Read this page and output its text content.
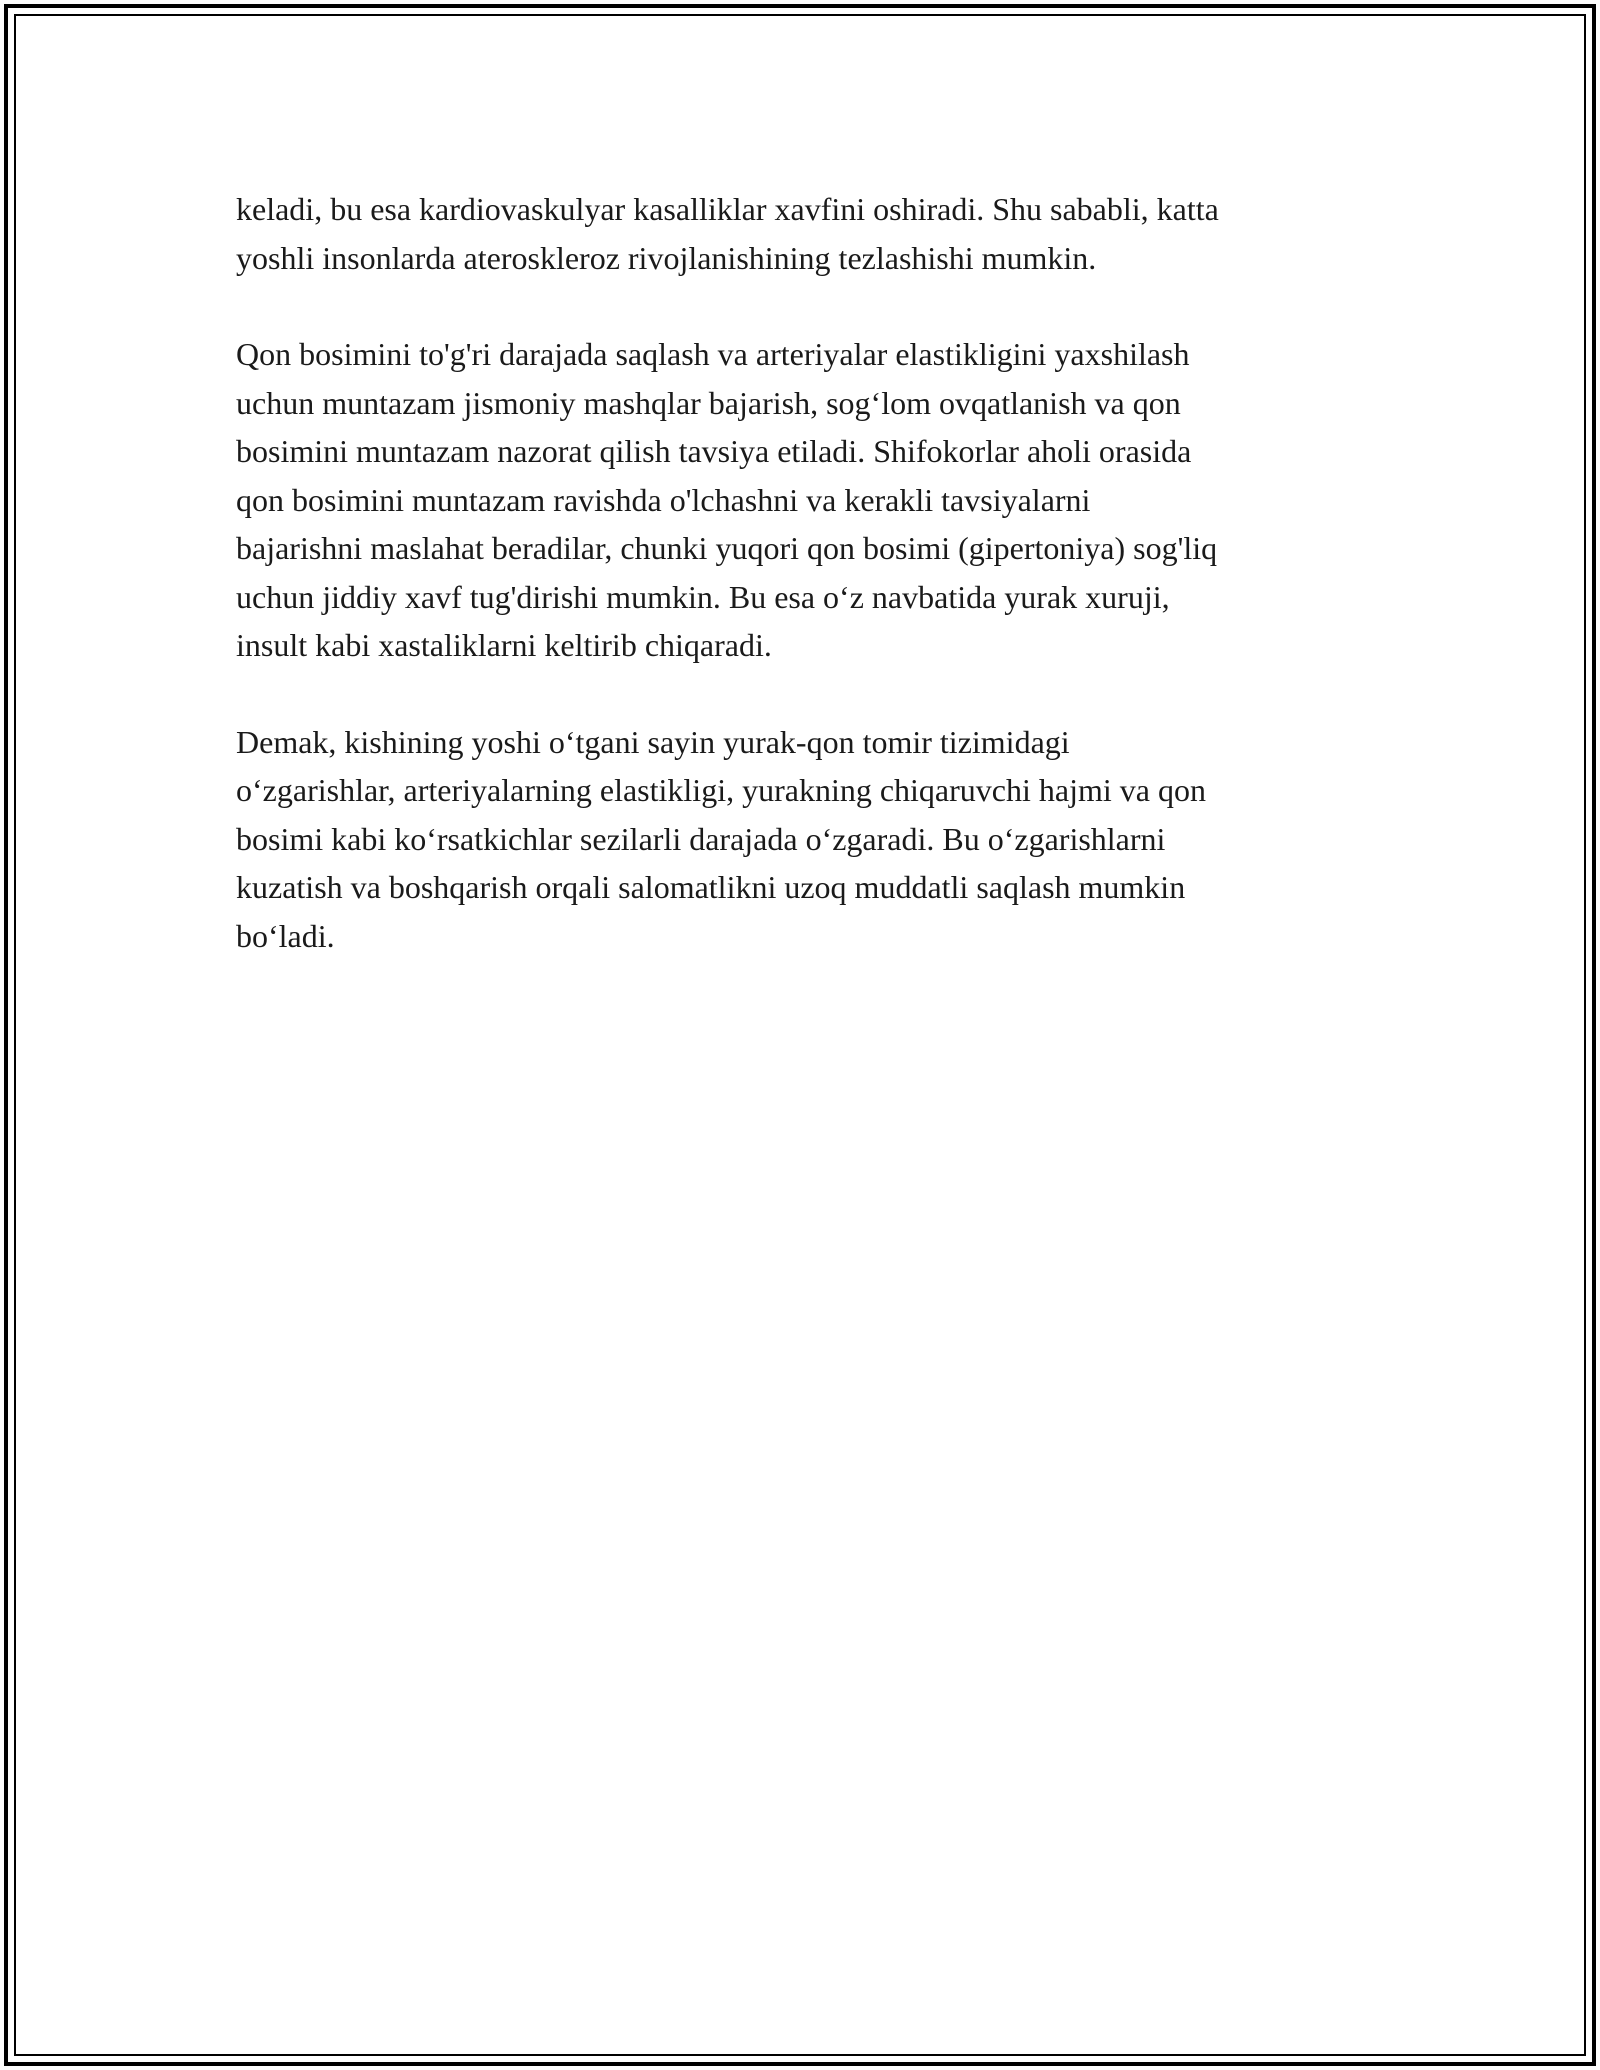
keladi, bu esa kardiovaskulyar kasalliklar xavfini oshiradi. Shu sababli, katta
yoshli insonlarda ateroskleroz rivojlanishining tezlashishi mumkin.

Qon bosimini to'g'ri darajada saqlash va arteriyalar elastikligini yaxshilash
uchun muntazam jismoniy mashqlar bajarish, sog‘lom ovqatlanish va qon
bosimini muntazam nazorat qilish tavsiya etiladi. Shifokorlar aholi orasida
qon bosimini muntazam ravishda o'lchashni va kerakli tavsiyalarni
bajarishni maslahat beradilar, chunki yuqori qon bosimi (gipertoniya) sog'liq
uchun jiddiy xavf tug'dirishi mumkin. Bu esa o‘z navbatida yurak xuruji,
insult kabi xastaliklarni keltirib chiqaradi.

Demak, kishining yoshi o‘tgani sayin yurak-qon tomir tizimidagi
o‘zgarishlar, arteriyalarning elastikligi, yurakning chiqaruvchi hajmi va qon
bosimi kabi ko‘rsatkichlar sezilarli darajada o‘zgaradi. Bu o‘zgarishlarni
kuzatish va boshqarish orqali salomatlikni uzoq muddatli saqlash mumkin
bo‘ladi.
